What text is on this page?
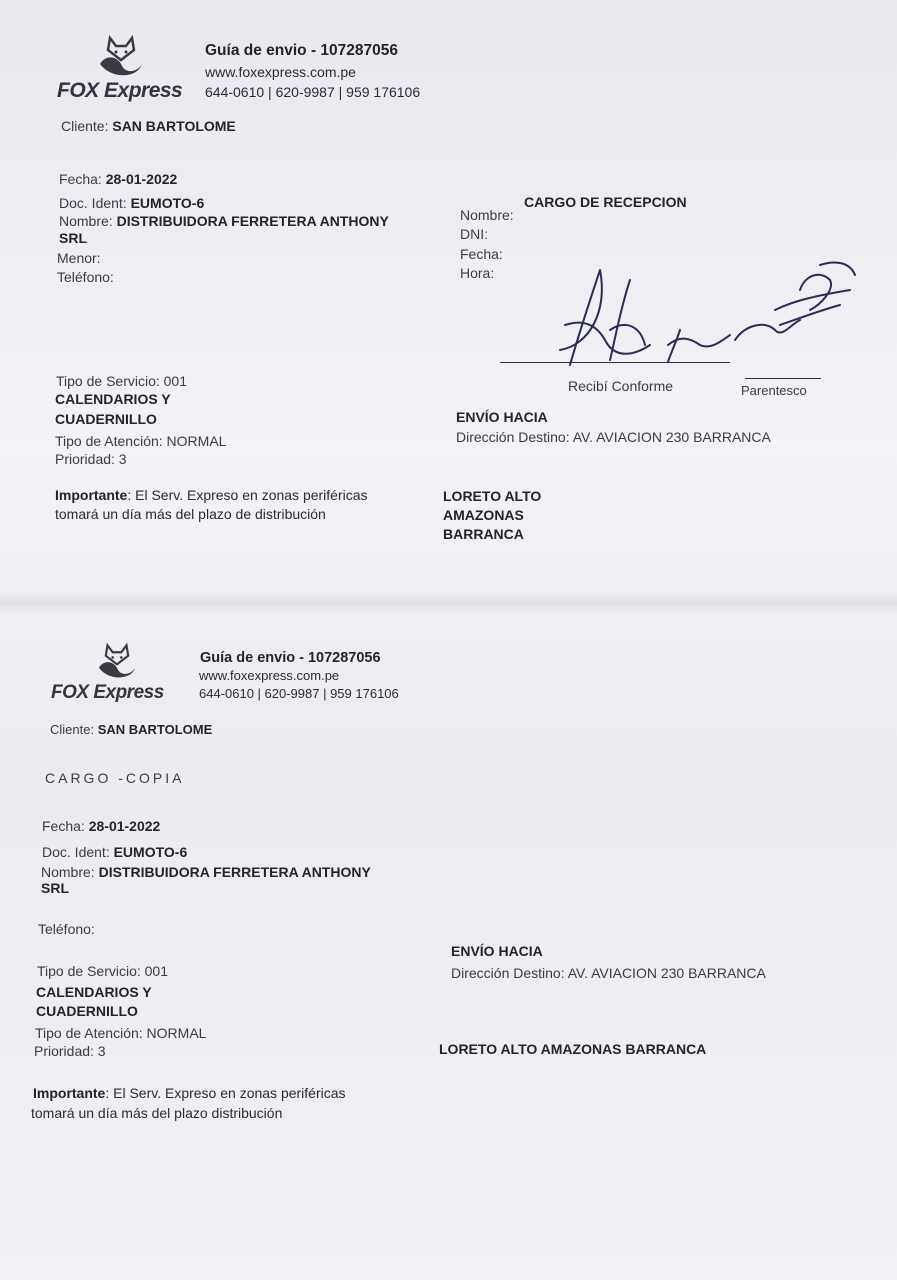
FOX Express
Guía de envio - 107287056
www.foxexpress.com.pe
644-0610 | 620-9987 | 959 176106
Cliente: SAN BARTOLOME
Fecha: 28-01-2022
Doc. Ident: EUMOTO-6
Nombre: DISTRIBUIDORA FERRETERA ANTHONY
SRL
Menor:
Teléfono:
CARGO DE RECEPCION
Nombre:
DNI:
Fecha:
Hora:
Recibí Conforme	Parentesco
Tipo de Servicio: 001
CALENDARIOS Y
CUADERNILLO
Tipo de Atención: NORMAL
Prioridad: 3
ENVÍO HACIA
Dirección Destino: AV. AVIACION 230 BARRANCA
Importante: El Serv. Expreso en zonas periféricas
tomará un día más del plazo de distribución
LORETO ALTO
AMAZONAS
BARRANCA
FOX Express
Guía de envio - 107287056
www.foxexpress.com.pe
644-0610 | 620-9987 | 959 176106
Cliente: SAN BARTOLOME
CARGO -COPIA
Fecha: 28-01-2022
Doc. Ident: EUMOTO-6
Nombre: DISTRIBUIDORA FERRETERA ANTHONY
SRL
Teléfono:
ENVÍO HACIA
Dirección Destino: AV. AVIACION 230 BARRANCA
Tipo de Servicio: 001
CALENDARIOS Y
CUADERNILLO
Tipo de Atención: NORMAL
Prioridad: 3	LORETO ALTO AMAZONAS BARRANCA
Importante: El Serv. Expreso en zonas periféricas
tomará un día más del plazo distribución
